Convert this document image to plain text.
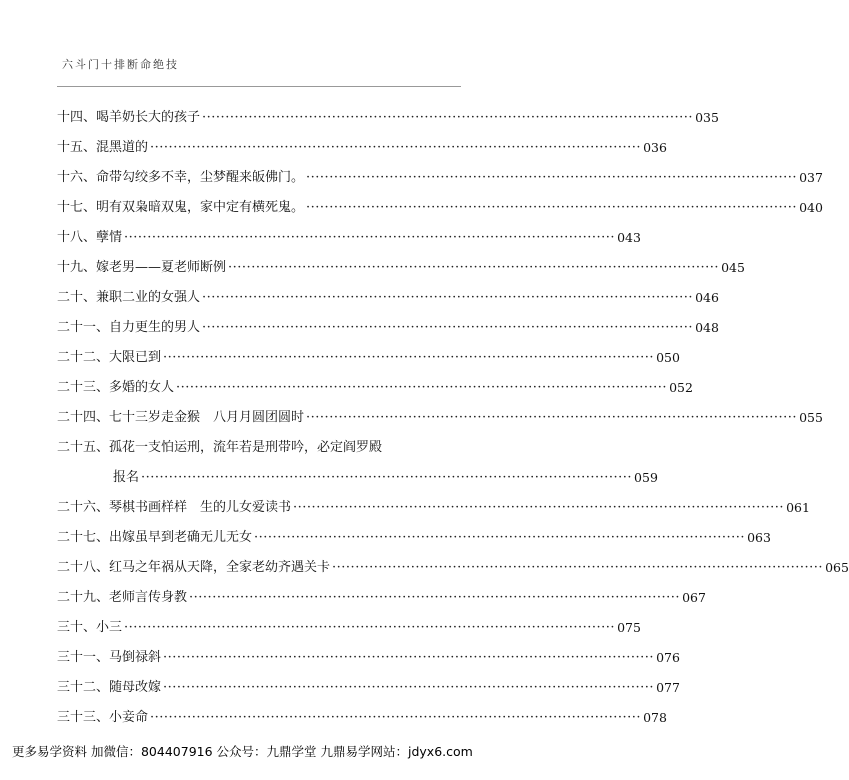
六斗门十排断命绝技
十四、 喝羊奶长大的孩子 ·····	035
十五、 混黑道的 ·····	036
十六、 命带勾绞多不幸，尘梦醒来皈佛门。 ·····	037
十七、 明有双枭暗双鬼，家中定有横死鬼。 ·····	040
十八、 孽情 ·····	043
十九、 嫁老男——夏老师断例 ·····	045
二十、 兼职二业的女强人 ·····	046
二十一、 自力更生的男人 ·····	048
二十二、 大限已到 ·····	050
二十三、 多婚的女人 ·····	052
二十四、 七十三岁走金猴　八月月圆团圆时 ·····	055
二十五、 孤花一支怕运刑，流年若是刑带吟，必定阎罗殿
报名 ·····	059
二十六、 琴棋书画样样　生的儿女爱读书 ·····	061
二十七、 出嫁虽早到老确无儿无女 ·····	063
二十八、 红马之年祸从天降，全家老幼齐遇关卡 ·····	065
二十九、 老师言传身教 ·····	067
三十、 小三 ·····	075
三十一、 马倒禄斜 ·····	076
三十二、 随母改嫁 ·····	077
三十三、 小妾命 ·····	078
更多易学资料 加微信：804407916 公众号：九鼎学堂 九鼎易学网站：jdyx6.com
